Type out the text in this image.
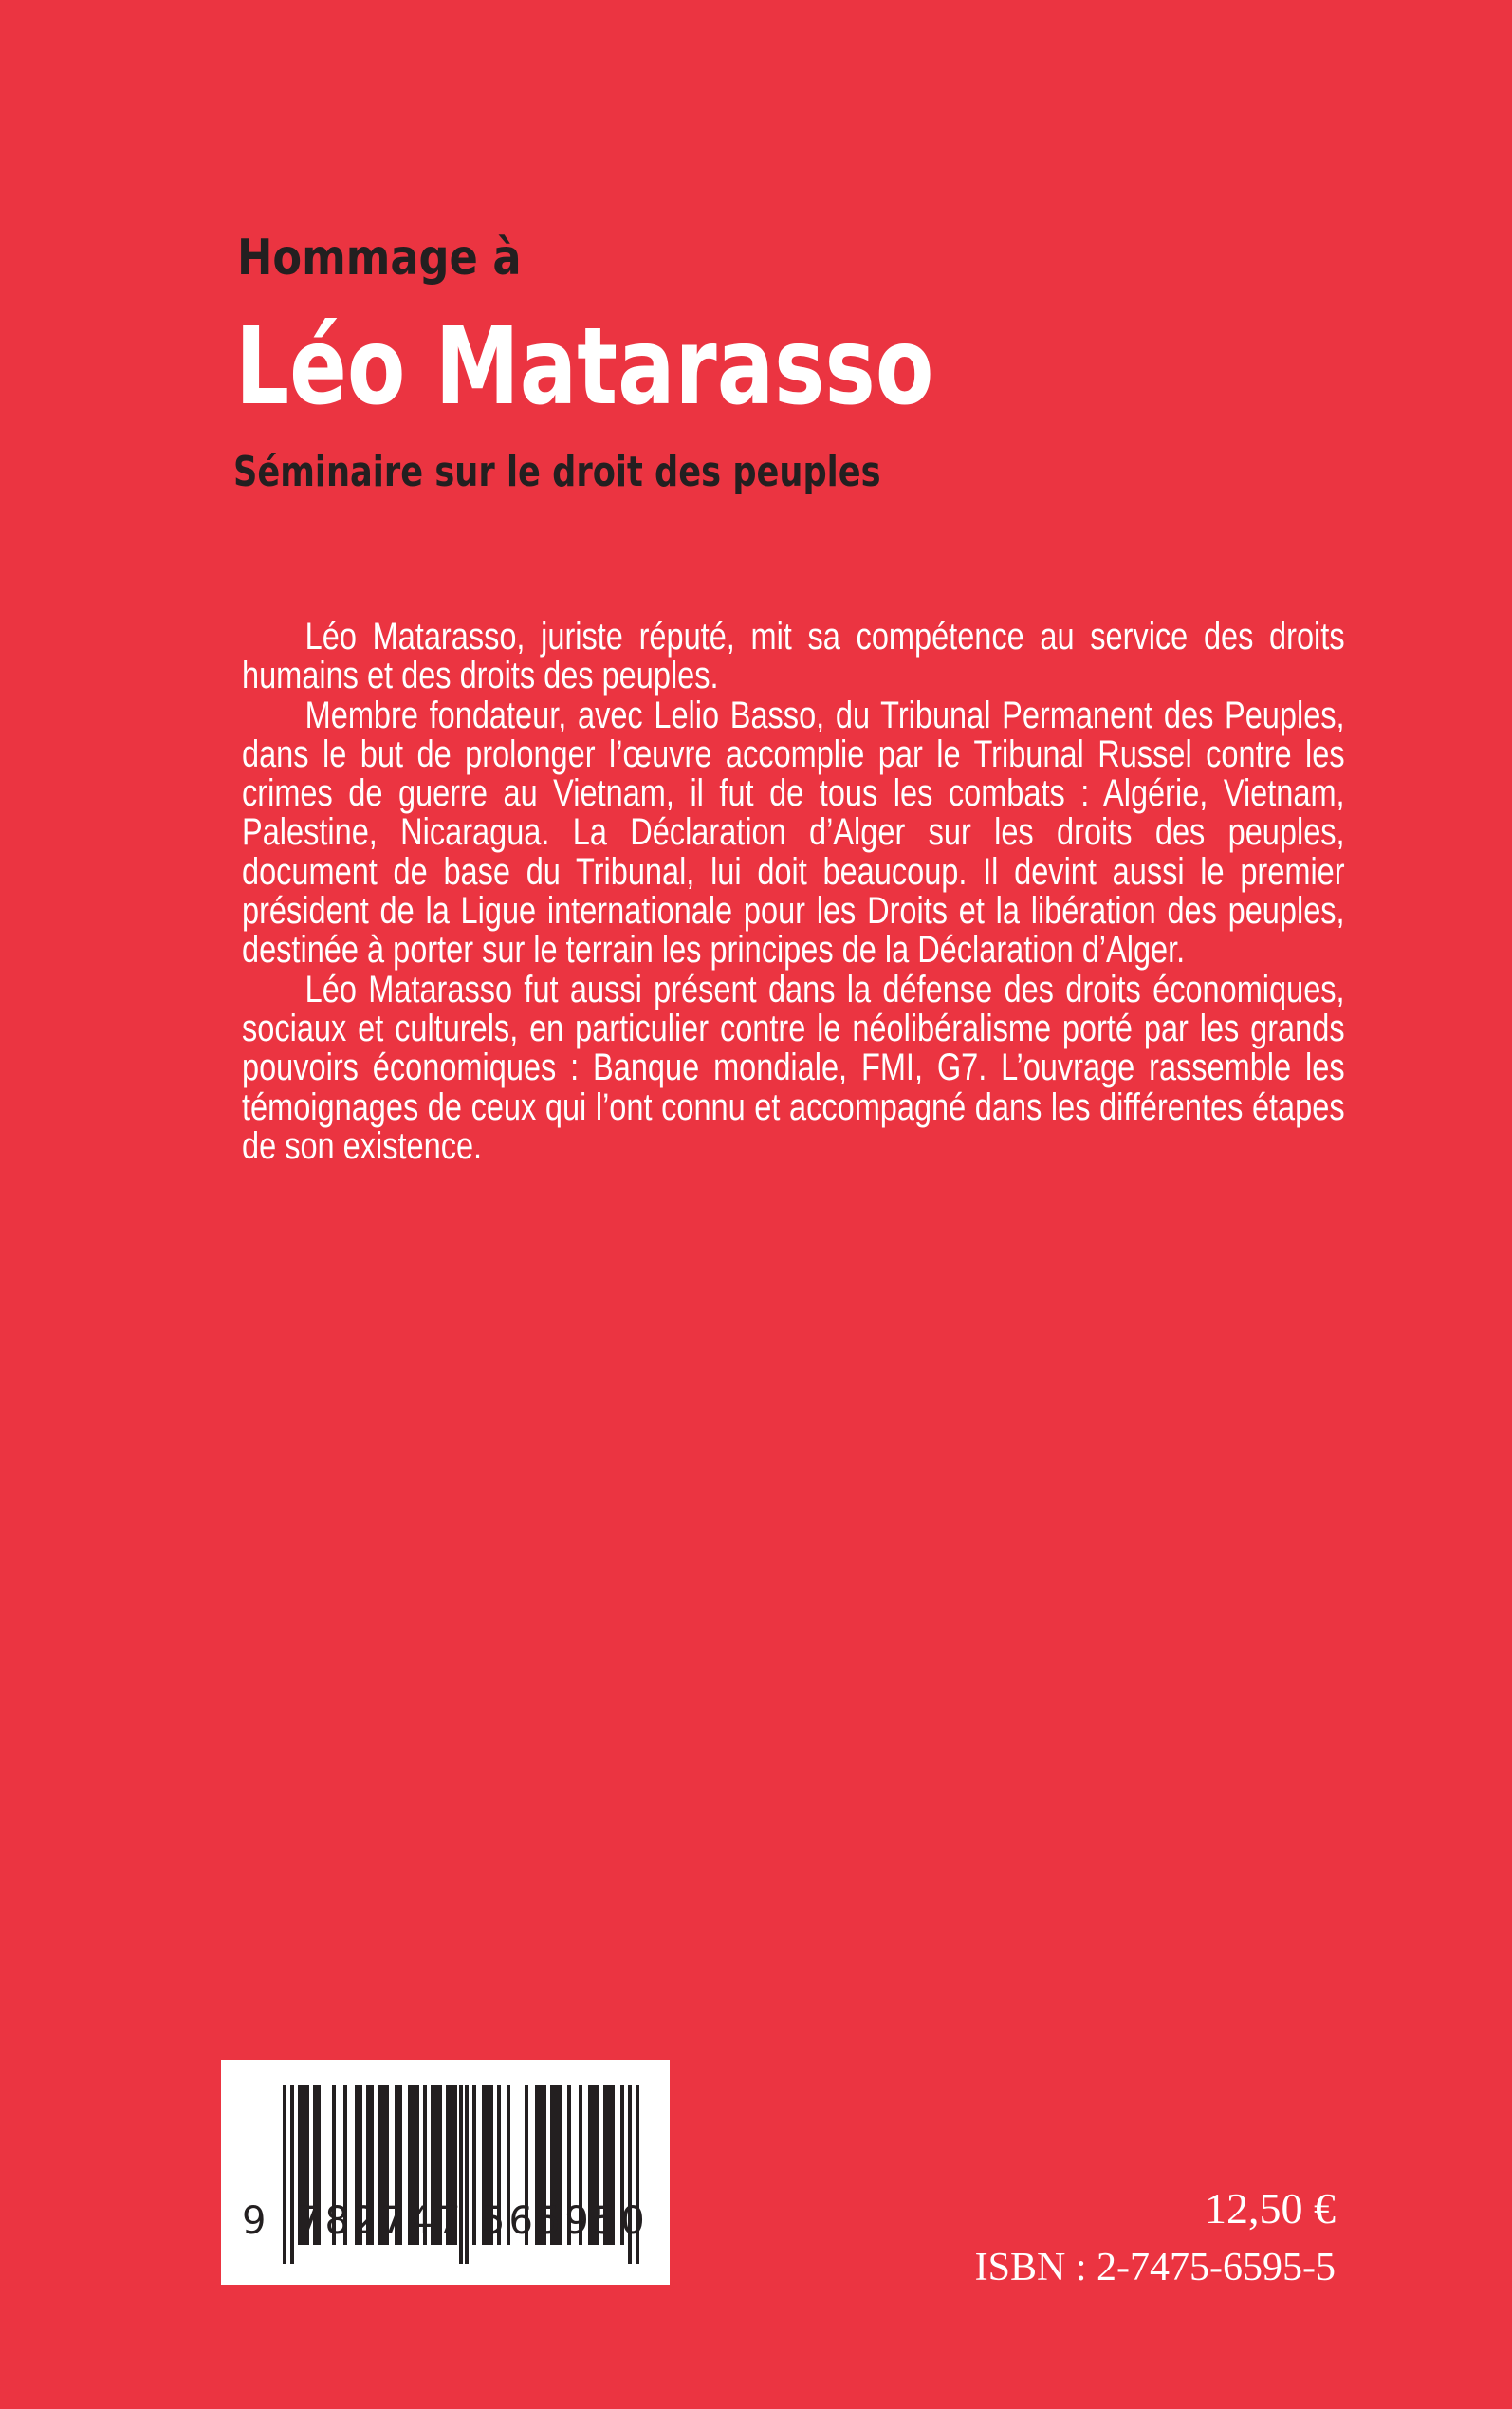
Hommage à
Léo Matarasso
Séminaire sur le droit des peuples

Léo Matarasso, juriste réputé, mit sa compétence au service des droits humains et des droits des peuples.

Membre fondateur, avec Lelio Basso, du Tribunal Permanent des Peuples, dans le but de prolonger l’œuvre accomplie par le Tribunal Russel contre les crimes de guerre au Vietnam, il fut de tous les combats : Algérie, Vietnam, Palestine, Nicaragua. La Déclaration d’Alger sur les droits des peuples, document de base du Tribunal, lui doit beaucoup. Il devint aussi le premier président de la Ligue internationale pour les Droits et la libération des peuples, destinée à porter sur le terrain les principes de la Déclaration d’Alger.

Léo Matarasso fut aussi présent dans la défense des droits économiques, sociaux et culturels, en particulier contre le néolibéralisme porté par les grands pouvoirs économiques : Banque mondiale, FMI, G7. L’ouvrage rassemble les témoignages de ceux qui l’ont connu et accompagné dans les différentes étapes de son existence.

9 782747 565950	12,50 €
ISBN : 2-7475-6595-5
